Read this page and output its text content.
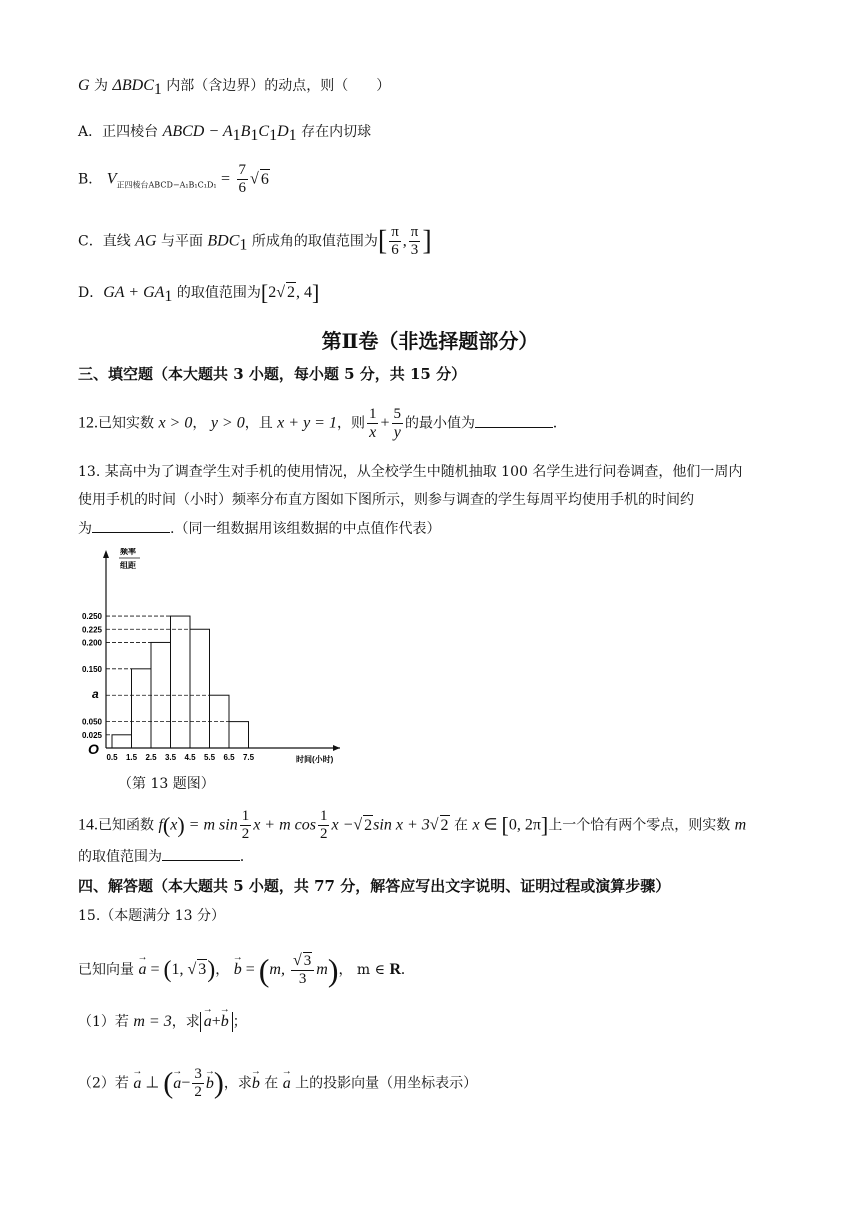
G 为 $\Delta BDC_1$ 内部（含边界）的动点，则（　　）
A．正四棱台 ABCD − $A_1B_1C_1D_1$ 存在内切球
B． $V_{正四棱台ABCD-A_1B_1C_1D_1} = \frac{7}{6}$ √ 6
C．直线 AG 与平面 $BDC_1$ 所成角的取值范围为[ $\frac{\pi}{6}$ , $\frac{\pi}{3}$ ]
D．GA + $GA_1$ 的取值范围为[2√ 2, 4]
第Ⅱ卷（非选择题部分）
三、填空题（本大题共 3 小题，每小题 5 分，共 15 分）
12.已知实数 x > 0， y > 0，且 x + y = 1，则 $\frac{1}{x} + \frac{5}{y}$ 的最小值为	.
13. 某高中为了调查学生对手机的使用情况，从全校学生中随机抽取 100 名学生进行问卷调查，他们一周内
使用手机的时间（小时）频率分布直方图如下图所示，则参与调查的学生每周平均使用手机的时间约
为	.（同一组数据用该组数据的中点值作代表）
频率
组距
O
0.250
0.225
0.200
0.150
a
0.050
0.025
0.5 1.5 2.5 3.5 4.5 5.5 6.5 7.5	时间(小时)
（第 13 题图）
14.已知函数 f(x) = m $\sin \frac{1}{2}$ x + m $\cos \frac{1}{2}$ x −√ 2sin x + 3√ 2 在 x ∈ [0, 2π]上一个恰有两个零点，则实数 m
的取值范围为	.
四、解答题（本大题共 5 小题，共 77 分，解答应写出文字说明、证明过程或演算步骤）
15.（本题满分 13 分）
已知向量 → a = (1, √ 3)， → b = (m, $\frac{√ 3}{3} m$)， m ∈ R.
（1）若 m = 3，求→ a+→ b ；
（2）若 → a ⊥ (→ $a- \frac{3}{2}$
→ b)，求→ b 在 → a 上的投影向量（用坐标表示）
